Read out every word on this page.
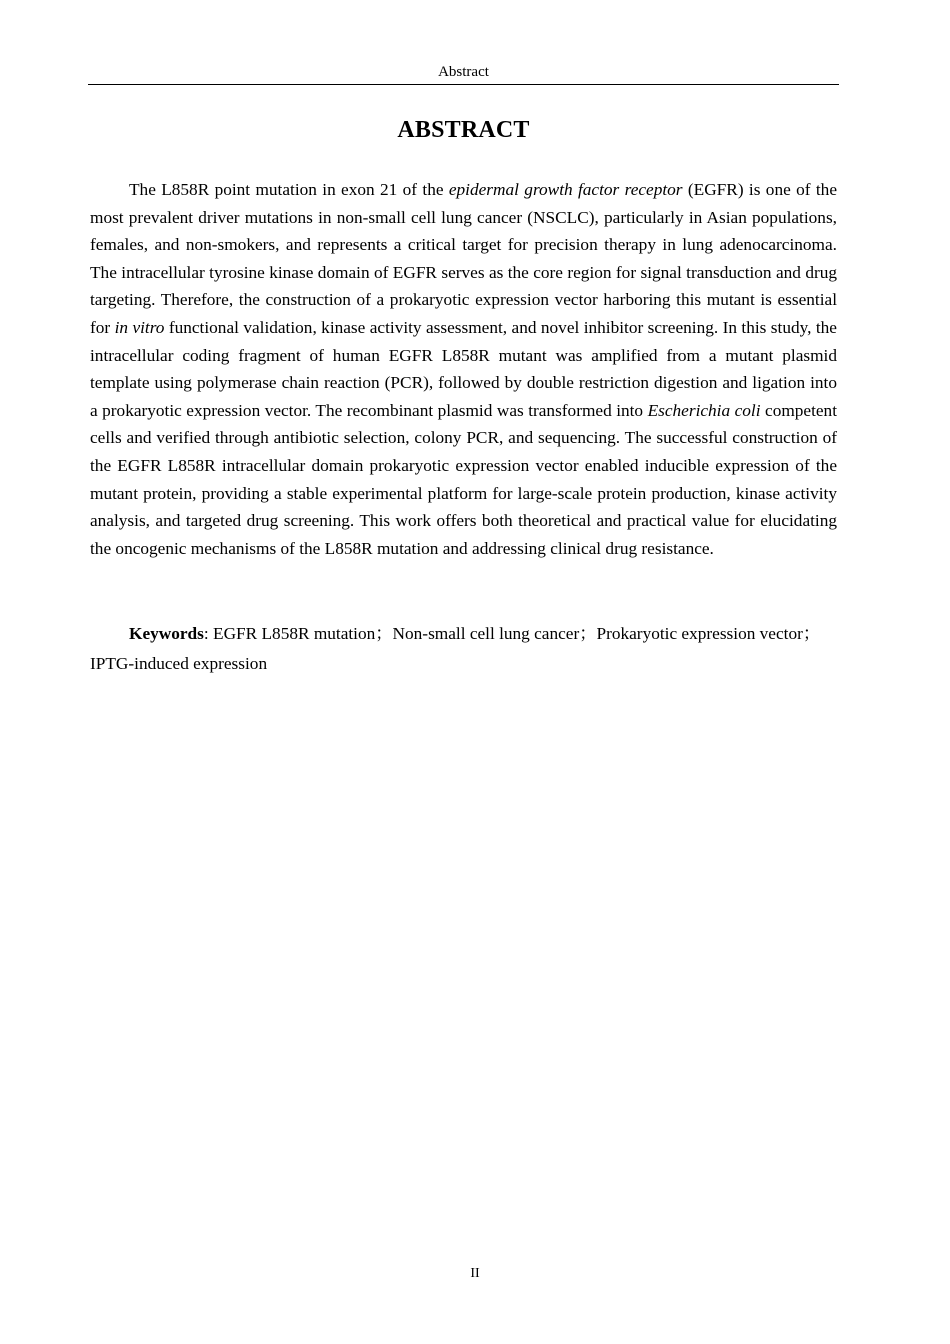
Abstract
ABSTRACT

The L858R point mutation in exon 21 of the epidermal growth factor receptor (EGFR) is one of the most prevalent driver mutations in non-small cell lung cancer (NSCLC), particularly in Asian populations, females, and non-smokers, and represents a critical target for precision therapy in lung adenocarcinoma. The intracellular tyrosine kinase domain of EGFR serves as the core region for signal transduction and drug targeting. Therefore, the construction of a prokaryotic expression vector harboring this mutant is essential for in vitro functional validation, kinase activity assessment, and novel inhibitor screening. In this study, the intracellular coding fragment of human EGFR L858R mutant was amplified from a mutant plasmid template using polymerase chain reaction (PCR), followed by double restriction digestion and ligation into a prokaryotic expression vector. The recombinant plasmid was transformed into Escherichia coli competent cells and verified through antibiotic selection, colony PCR, and sequencing. The successful construction of the EGFR L858R intracellular domain prokaryotic expression vector enabled inducible expression of the mutant protein, providing a stable experimental platform for large-scale protein production, kinase activity analysis, and targeted drug screening. This work offers both theoretical and practical value for elucidating the oncogenic mechanisms of the L858R mutation and addressing clinical drug resistance.

Keywords: EGFR L858R mutation；Non-small cell lung cancer；Prokaryotic expression vector；IPTG-induced expression

II
